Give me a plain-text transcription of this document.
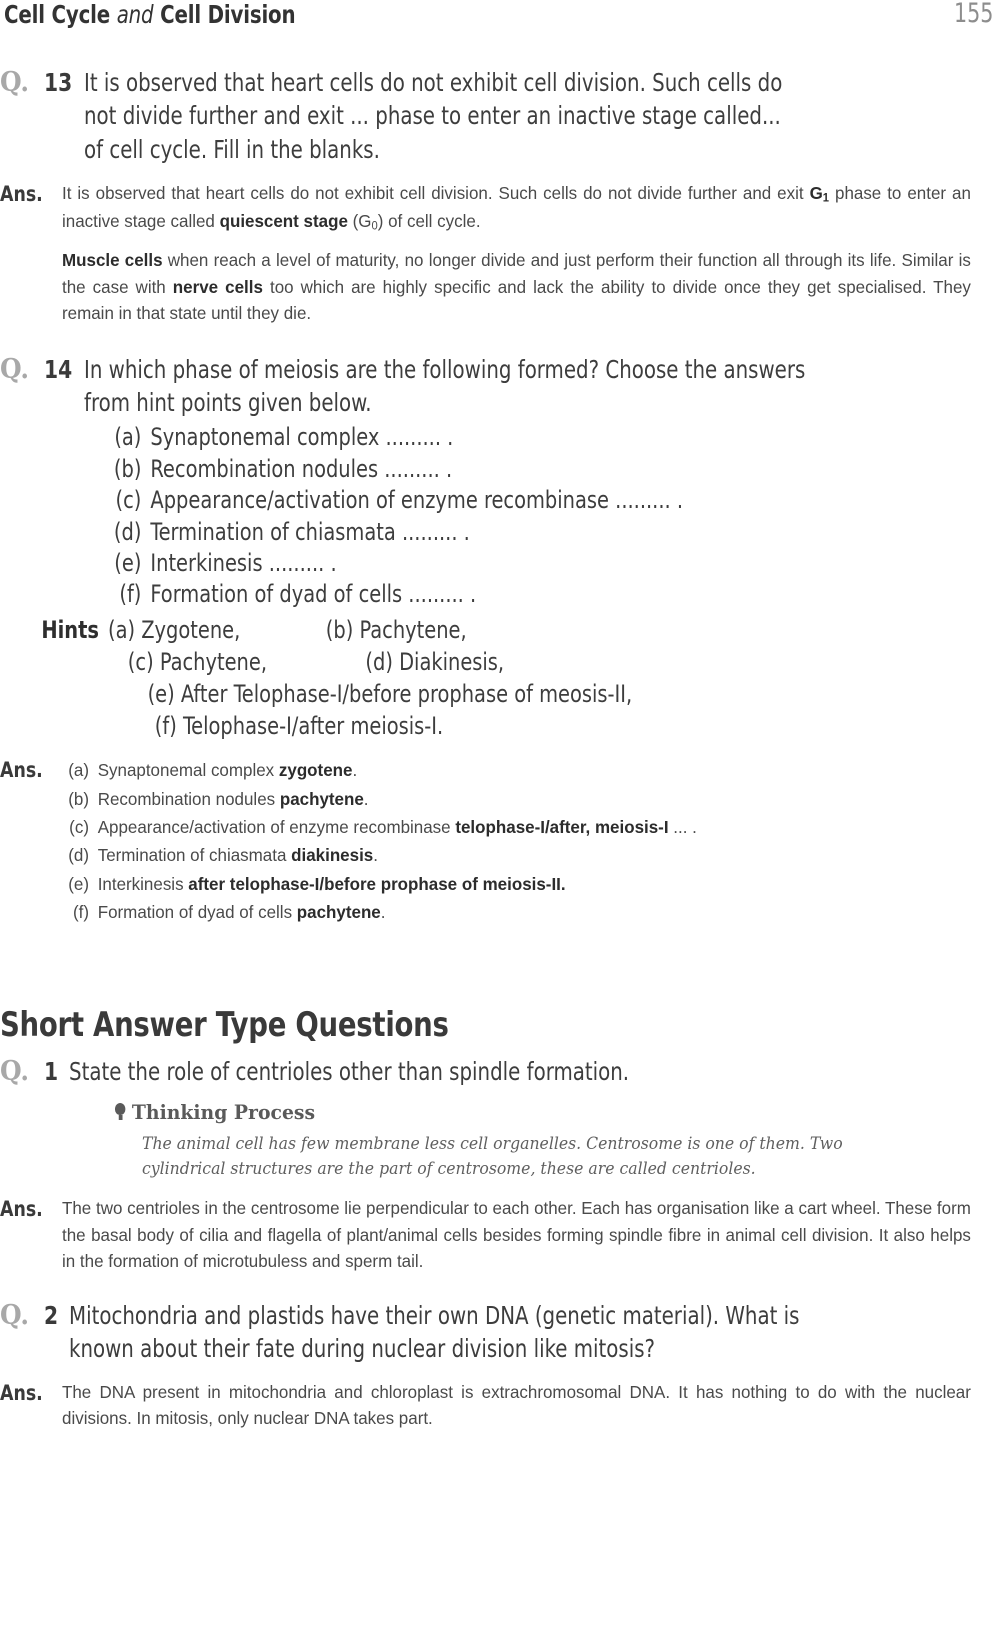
Cell Cycle and Cell Division	155
Q. 13 It is observed that heart cells do not exhibit cell division. Such cells do
not divide further and exit ... phase to enter an inactive stage called...
of cell cycle. Fill in the blanks.
Ans.	It is observed that heart cells do not exhibit cell division. Such cells do not divide further and exit $G_1$ phase to enter an inactive stage called quiescent stage $(G_0)$ of cell cycle.

Muscle cells when reach a level of maturity, no longer divide and just perform their function all through its life. Similar is the case with nerve cells too which are highly specific and lack the ability to divide once they get specialised. They remain in that state until they die.

Q. 14 In which phase of meiosis are the following formed? Choose the answers
from hint points given below.
(a) Synaptonemal complex ......... .
(b) Recombination nodules ......... .
(c) Appearance/activation of enzyme recombinase ......... .
(d) Termination of chiasmata ......... .
(e) Interkinesis ......... .
(f) Formation of dyad of cells ......... .
Hints (a) Zygotene,	(b) Pachytene,
(c) Pachytene,	(d) Diakinesis,
(e) After Telophase-I/before prophase of meosis-II,
(f) Telophase-I/after meiosis-I.
Ans.	(a) Synaptonemal complex zygotene.
(b) Recombination nodules pachytene.
(c) Appearance/activation of enzyme recombinase telophase-I/after, meiosis-I ... .
(d) Termination of chiasmata diakinesis.
(e) Interkinesis after telophase-I/before prophase of meiosis-II.
(f) Formation of dyad of cells pachytene.
Short Answer Type Questions
Q. 1 State the role of centrioles other than spindle formation.
Thinking Process
The animal cell has few membrane less cell organelles. Centrosome is one of them. Two cylindrical structures are the part of centrosome, these are called centrioles.
Ans.	The two centrioles in the centrosome lie perpendicular to each other. Each has organisation like a cart wheel. These form the basal body of cilia and flagella of plant/animal cells besides forming spindle fibre in animal cell division. It also helps in the formation of microtubuless and sperm tail.
Q. 2 Mitochondria and plastids have their own DNA (genetic material). What is
known about their fate during nuclear division like mitosis?
Ans.	The DNA present in mitochondria and chloroplast is extrachromosomal DNA. It has nothing to do with the nuclear divisions. In mitosis, only nuclear DNA takes part.
